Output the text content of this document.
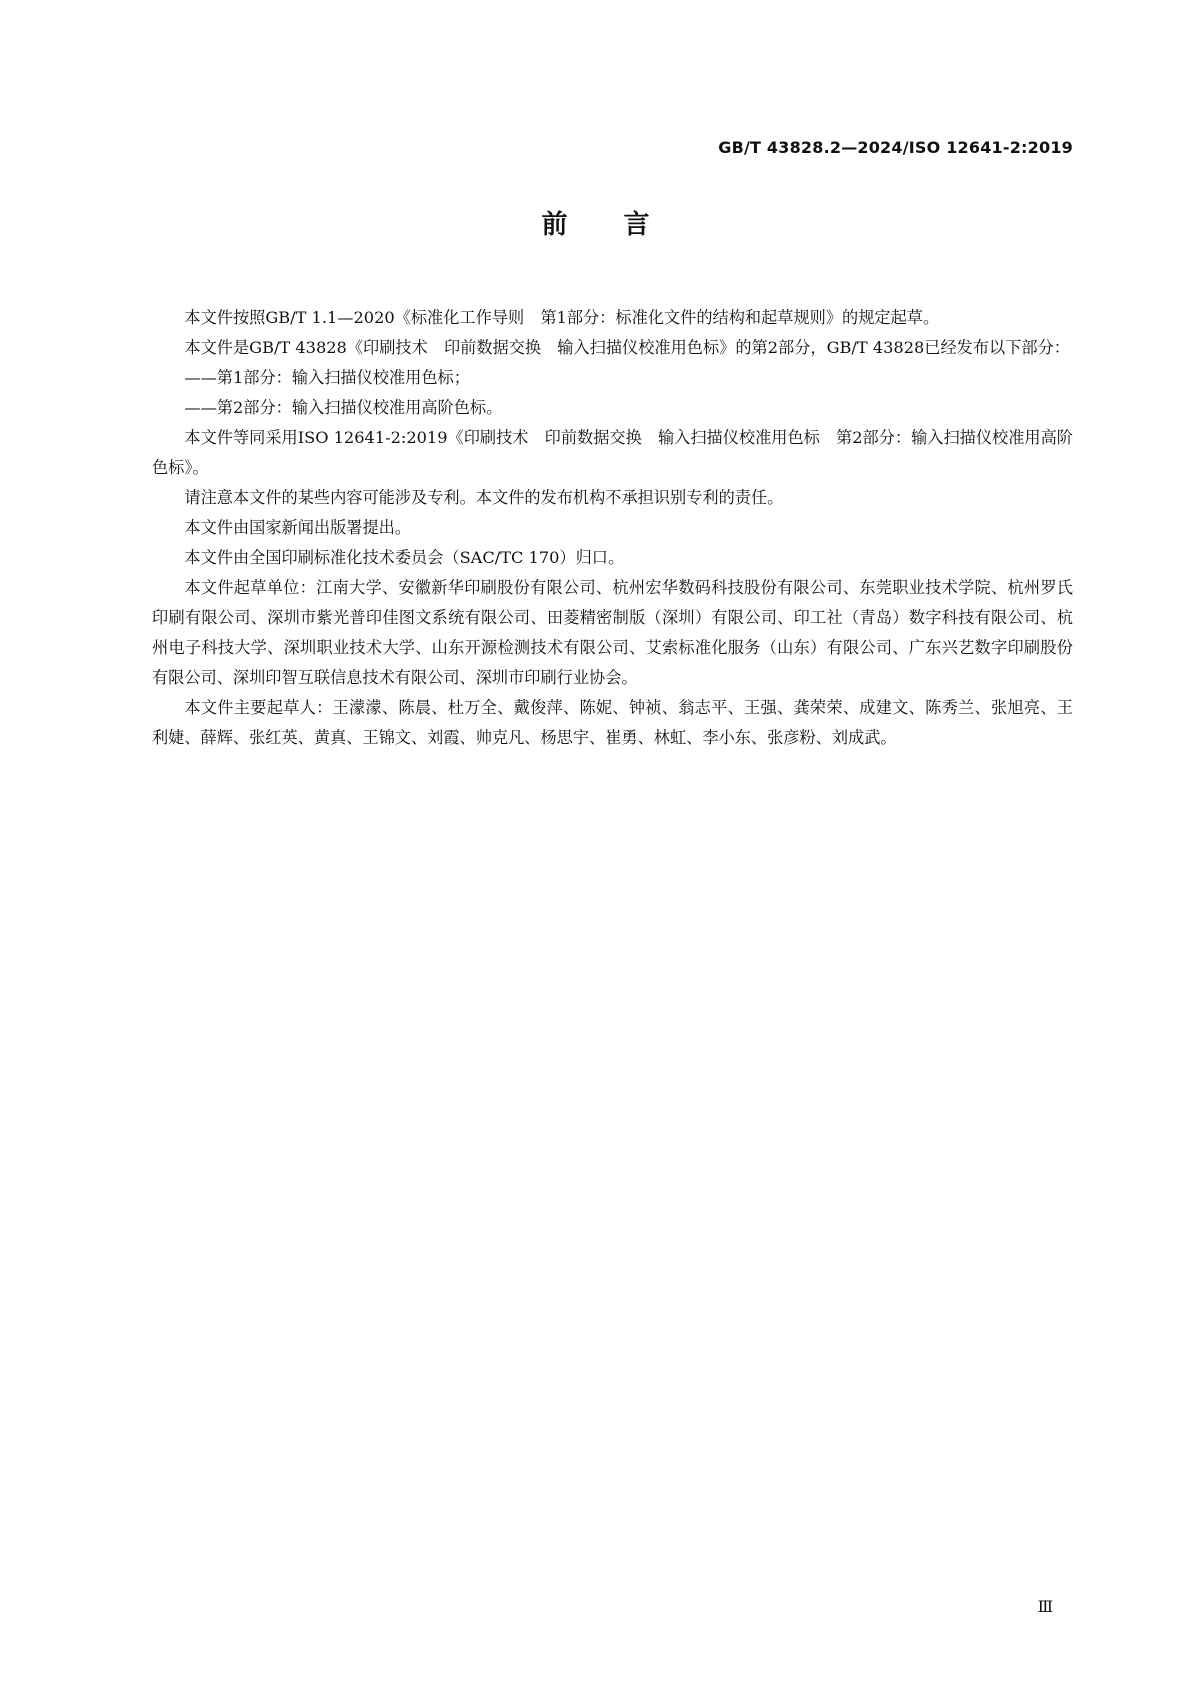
GB/T 43828.2—2024/ISO 12641-2:2019
前言

本文件按照GB/T 1.1—2020《标准化工作导则　第1部分：标准化文件的结构和起草规则》的规定起草。

本文件是GB/T 43828《印刷技术　印前数据交换　输入扫描仪校准用色标》的第2部分，GB/T 43828已经发布以下部分：

——第1部分：输入扫描仪校准用色标；

——第2部分：输入扫描仪校准用高阶色标。

本文件等同采用ISO 12641-2:2019《印刷技术　印前数据交换　输入扫描仪校准用色标　第2部分：输入扫描仪校准用高阶色标》。

请注意本文件的某些内容可能涉及专利。本文件的发布机构不承担识别专利的责任。

本文件由国家新闻出版署提出。

本文件由全国印刷标准化技术委员会（SAC/TC 170）归口。

本文件起草单位：江南大学、安徽新华印刷股份有限公司、杭州宏华数码科技股份有限公司、东莞职业技术学院、杭州罗氏印刷有限公司、深圳市紫光普印佳图文系统有限公司、田菱精密制版（深圳）有限公司、印工社（青岛）数字科技有限公司、杭州电子科技大学、深圳职业技术大学、山东开源检测技术有限公司、艾索标准化服务（山东）有限公司、广东兴艺数字印刷股份有限公司、深圳印智互联信息技术有限公司、深圳市印刷行业协会。

本文件主要起草人：王濛濛、陈晨、杜万全、戴俊萍、陈妮、钟祯、翁志平、王强、龚荣荣、成建文、陈秀兰、张旭亮、王利婕、薛辉、张红英、黄真、王锦文、刘霞、帅克凡、杨思宇、崔勇、林虹、李小东、张彦粉、刘成武。

Ⅲ
